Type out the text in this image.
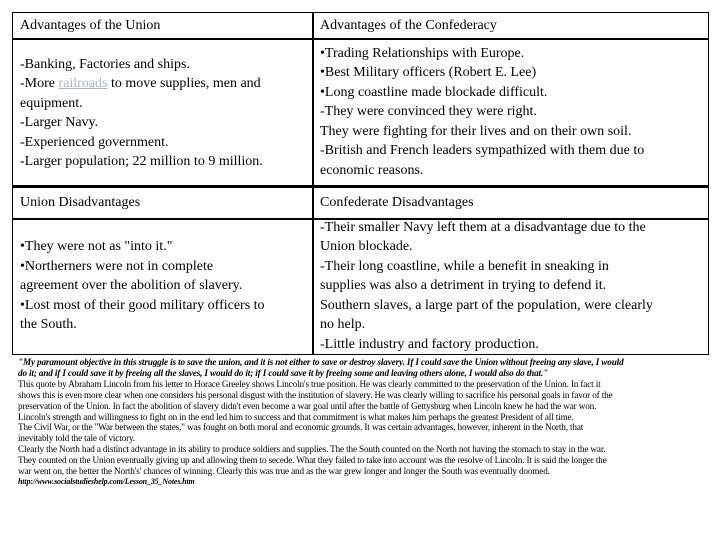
Advantages of the Union	Advantages of the Confederacy
-Banking, Factories and ships.
-More railroads to move supplies, men and
equipment.
-Larger Navy.
-Experienced government.
-Larger population; 22 million to 9 million.
•Trading Relationships with Europe.
•Best Military officers (Robert E. Lee)
•Long coastline made blockade difficult.
-They were convinced they were right.
They were fighting for their lives and on their own soil.
-British and French leaders sympathized with them due to
economic reasons.
Union Disadvantages	Confederate Disadvantages
•They were not as "into it."
•Northerners were not in complete
agreement over the abolition of slavery.
•Lost most of their good military officers to
the South.
-Their smaller Navy left them at a disadvantage due to the
Union blockade.
-Their long coastline, while a benefit in sneaking in
supplies was also a detriment in trying to defend it.
Southern slaves, a large part of the population, were clearly
no help.
-Little industry and factory production.
"My paramount objective in this struggle is to save the union, and it is not either to save or destroy slavery. If I could save the Union without freeing any slave, I would
do it; and if I could save it by freeing all the slaves, I would do it; if I could save it by freeing some and leaving others alone, I would also do that."
This quote by Abraham Lincoln from his letter to Horace Greeley shows Lincoln's true position. He was clearly committed to the preservation of the Union. In fact it
shows this is even more clear when one considers his personal disgust with the institution of slavery. He was clearly willing to sacrifice his personal goals in favor of the
preservation of the Union. In fact the abolition of slavery didn't even become a war goal until after the battle of Gettysburg when Lincoln knew he had the war won.
Lincoln's strength and willingness to fight on in the end led him to success and that commitment is what makes him perhaps the greatest President of all time.
The Civil War, or the "War between the states," was fought on both moral and economic grounds. It was certain advantages, however, inherent in the North, that
inevitably told the tale of victory.
Clearly the North had a distinct advantage in its ability to produce soldiers and supplies. The the South counted on the North not having the stomach to stay in the war.
They counted on the Union eventually giving up and allowing them to secede. What they failed to take into account was the resolve of Lincoln. It is said the longer the
war went on, the better the North's' chances of winning. Clearly this was true and as the war grew longer and longer the South was eventually doomed.
http://www.socialstudieshelp.com/Lesson_35_Notes.htm
